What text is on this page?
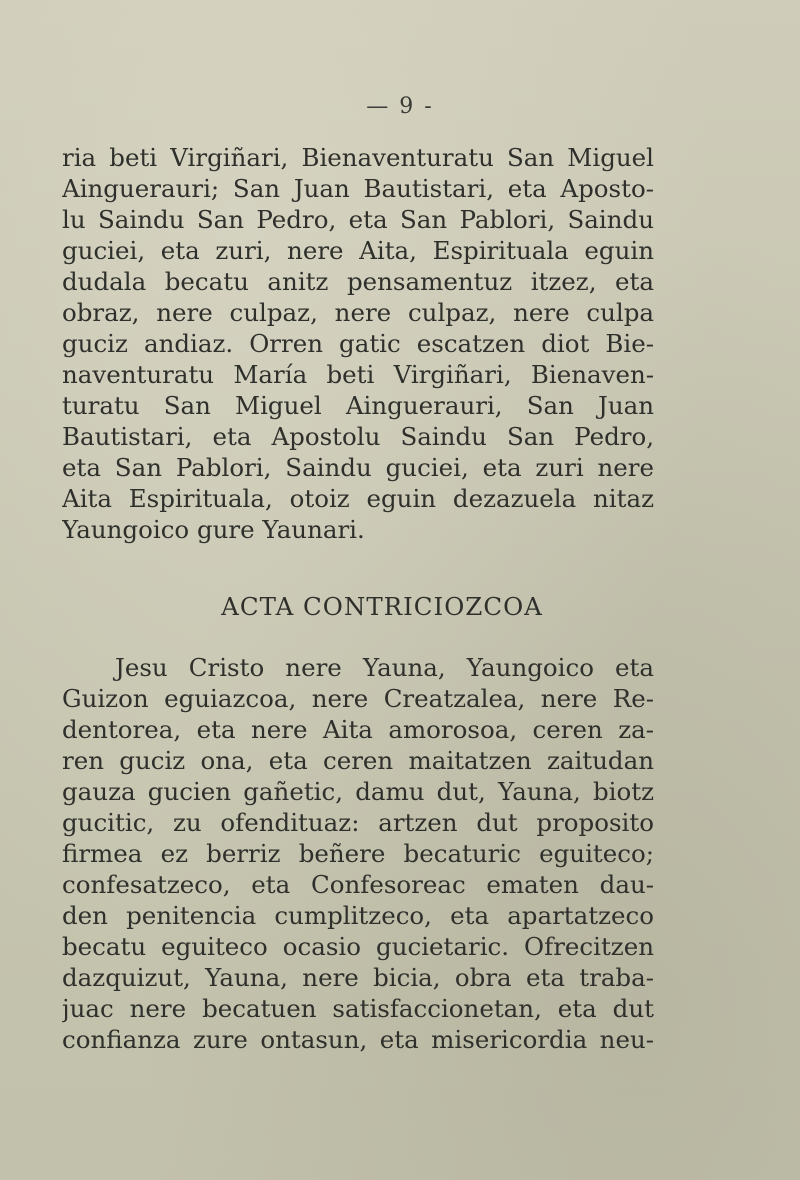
— 9 -
ria beti Virgiñari, Bienaventuratu San Miguel
Ainguerauri; San Juan Bautistari, eta Aposto-
lu Saindu San Pedro, eta San Pablori, Saindu
guciei, eta zuri, nere Aita, Espirituala eguin
dudala becatu anitz pensamentuz itzez, eta
obraz, nere culpaz, nere culpaz, nere culpa
guciz andiaz. Orren gatic escatzen diot Bie-
naventuratu María beti Virgiñari, Bienaven-
turatu San Miguel Ainguerauri, San Juan
Bautistari, eta Apostolu Saindu San Pedro,
eta San Pablori, Saindu guciei, eta zuri nere
Aita Espirituala, otoiz eguin dezazuela nitaz
Yaungoico gure Yaunari.
ACTA CONTRICIOZCOA
Jesu Cristo nere Yauna, Yaungoico eta
Guizon eguiazcoa, nere Creatzalea, nere Re-
dentorea, eta nere Aita amorosoa, ceren za-
ren guciz ona, eta ceren maitatzen zaitudan
gauza gucien gañetic, damu dut, Yauna, biotz
gucitic, zu ofendituaz: artzen dut proposito
firmea ez berriz beñere becaturic eguiteco;
confesatzeco, eta Confesoreac ematen dau-
den penitencia cumplitzeco, eta apartatzeco
becatu eguiteco ocasio gucietaric. Ofrecitzen
dazquizut, Yauna, nere bicia, obra eta traba-
juac nere becatuen satisfaccionetan, eta dut
confianza zure ontasun, eta misericordia neu-
